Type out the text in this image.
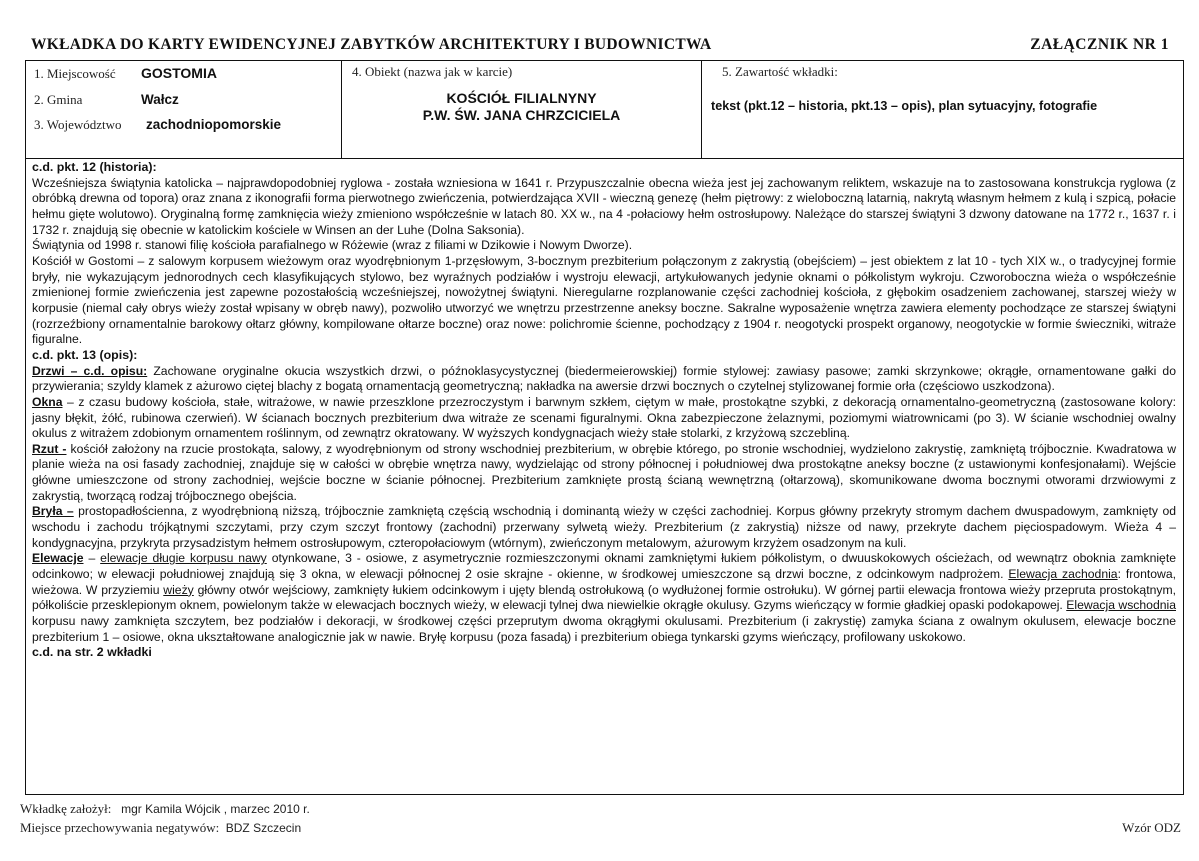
WKŁADKA DO KARTY EWIDENCYJNEJ ZABYTKÓW ARCHITEKTURY I BUDOWNICTWA	ZAŁĄCZNIK NR 1
1. Miejscowość GOSTOMIA
2. Gmina	Wałcz
3. Województwo zachodniopomorskie
4. Obiekt (nazwa jak w karcie)
KOŚCIÓŁ FILIALNYNY
P.W. ŚW. JANA CHRZCICIELA
5. Zawartość wkładki:
tekst (pkt.12 – historia, pkt.13 – opis), plan sytuacyjny, fotografie
c.d. pkt. 12 (historia):

Wcześniejsza świątynia katolicka – najprawdopodobniej ryglowa - została wzniesiona w 1641 r. Przypuszczalnie obecna wieża jest jej zachowanym reliktem, wskazuje na to zastosowana konstrukcja ryglowa (z obróbką drewna od topora) oraz znana z ikonografii forma pierwotnego zwieńczenia, potwierdzająca XVII - wieczną genezę (hełm piętrowy: z wieloboczną latarnią, nakrytą własnym hełmem z kulą i szpicą, połacie hełmu gięte wolutowo). Oryginalną formę zamknięcia wieży zmieniono współcześnie w latach 80. XX w., na 4 -połaciowy hełm ostrosłupowy. Należące do starszej świątyni 3 dzwony datowane na 1772 r., 1637 r. i 1732 r. znajdują się obecnie w katolickim kościele w Winsen an der Luhe (Dolna Saksonia).

Świątynia od 1998 r. stanowi filię kościoła parafialnego w Różewie (wraz z filiami w Dzikowie i Nowym Dworze).

Kościół w Gostomi – z salowym korpusem wieżowym oraz wyodrębnionym 1-przęsłowym, 3-bocznym prezbiterium połączonym z zakrystią (obejściem) – jest obiektem z lat 10 - tych XIX w., o tradycyjnej formie bryły, nie wykazującym jednorodnych cech klasyfikujących stylowo, bez wyraźnych podziałów i wystroju elewacji, artykułowanych jedynie oknami o półkolistym wykroju. Czworoboczna wieża o współcześnie zmienionej formie zwieńczenia jest zapewne pozostałością wcześniejszej, nowożytnej świątyni. Nieregularne rozplanowanie części zachodniej kościoła, z głębokim osadzeniem zachowanej, starszej wieży w korpusie (niemal cały obrys wieży został wpisany w obręb nawy), pozwoliło utworzyć we wnętrzu przestrzenne aneksy boczne. Sakralne wyposażenie wnętrza zawiera elementy pochodzące ze starszej świątyni (rozrzeźbiony ornamentalnie barokowy ołtarz główny, kompilowane ołtarze boczne) oraz nowe: polichromie ścienne, pochodzący z 1904 r. neogotycki prospekt organowy, neogotyckie w formie świeczniki, witraże figuralne.

c.d. pkt. 13 (opis):

Drzwi – c.d. opisu: Zachowane oryginalne okucia wszystkich drzwi, o późnoklasycystycznej (biedermeierowskiej) formie stylowej: zawiasy pasowe; zamki skrzynkowe; okrągłe, ornamentowane gałki do przywierania; szyldy klamek z ażurowo ciętej blachy z bogatą ornamentacją geometryczną; nakładka na awersie drzwi bocznych o czytelnej stylizowanej formie orła (częściowo uszkodzona).

Okna – z czasu budowy kościoła, stałe, witrażowe, w nawie przeszklone przezroczystym i barwnym szkłem, ciętym w małe, prostokątne szybki, z dekoracją ornamentalno-geometryczną (zastosowane kolory: jasny błękit, żółć, rubinowa czerwień). W ścianach bocznych prezbiterium dwa witraże ze scenami figuralnymi. Okna zabezpieczone żelaznymi, poziomymi wiatrownicami (po 3). W ścianie wschodniej owalny okulus z witrażem zdobionym ornamentem roślinnym, od zewnątrz okratowany. W wyższych kondygnacjach wieży stałe stolarki, z krzyżową szczebliną.

Rzut - kościół założony na rzucie prostokąta, salowy, z wyodrębnionym od strony wschodniej prezbiterium, w obrębie którego, po stronie wschodniej, wydzielono zakrystię, zamkniętą trójbocznie. Kwadratowa w planie wieża na osi fasady zachodniej, znajduje się w całości w obrębie wnętrza nawy, wydzielając od strony północnej i południowej dwa prostokątne aneksy boczne (z ustawionymi konfesjonałami). Wejście główne umieszczone od strony zachodniej, wejście boczne w ścianie północnej. Prezbiterium zamknięte prostą ścianą wewnętrzną (ołtarzową), skomunikowane dwoma bocznymi otworami drzwiowymi z zakrystią, tworzącą rodzaj trójbocznego obejścia.

Bryła – prostopadłościenna, z wyodrębnioną niższą, trójbocznie zamkniętą częścią wschodnią i dominantą wieży w części zachodniej. Korpus główny przekryty stromym dachem dwuspadowym, zamknięty od wschodu i zachodu trójkątnymi szczytami, przy czym szczyt frontowy (zachodni) przerwany sylwetą wieży. Prezbiterium (z zakrystią) niższe od nawy, przekryte dachem pięciospadowym. Wieża 4 – kondygnacyjna, przykryta przysadzistym hełmem ostrosłupowym, czteropołaciowym (wtórnym), zwieńczonym metalowym, ażurowym krzyżem osadzonym na kuli.

Elewacje – elewacje długie korpusu nawy otynkowane, 3 - osiowe, z asymetrycznie rozmieszczonymi oknami zamkniętymi łukiem półkolistym, o dwuuskokowych ościeżach, od wewnątrz oboknia zamknięte odcinkowo; w elewacji południowej znajdują się 3 okna, w elewacji północnej 2 osie skrajne - okienne, w środkowej umieszczone są drzwi boczne, z odcinkowym nadprożem. Elewacja zachodnia: frontowa, wieżowa. W przyziemiu wieży główny otwór wejściowy, zamknięty łukiem odcinkowym i ujęty blendą ostrołukową (o wydłużonej formie ostrołuku). W górnej partii elewacja frontowa wieży przeprutа prostokątnym, półkoliście przesklepionym oknem, powielonym także w elewacjach bocznych wieży, w elewacji tylnej dwa niewielkie okrągłe okulusy. Gzyms wieńczący w formie gładkiej opaski podokapowej. Elewacja wschodnia korpusu nawy zamknięta szczytem, bez podziałów i dekoracji, w środkowej części przeprutym dwoma okrągłymi okulusami. Prezbiterium (i zakrystię) zamyka ściana z owalnym okulusem, elewacje boczne prezbiterium 1 – osiowe, okna ukształtowane analogicznie jak w nawie. Bryłę korpusu (poza fasadą) i prezbiterium obiega tynkarski gzyms wieńczący, profilowany uskokowo.

c.d. na str. 2 wkładki
Wkładkę założył: mgr Kamila Wójcik , marzec 2010 r.
Miejsce przechowywania negatywów: BDZ Szczecin	Wzór ODZ
